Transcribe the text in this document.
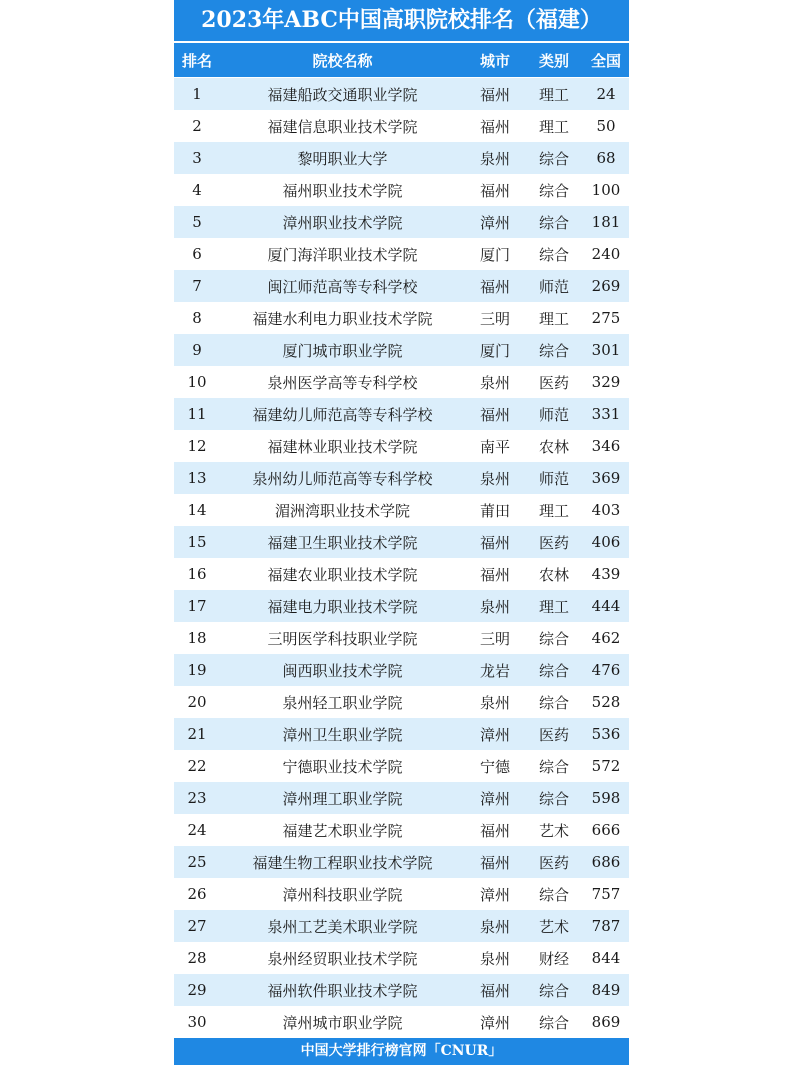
2023年ABC中国高职院校排名（福建）
排名	院校名称	城市	类别	全国
1	福建船政交通职业学院	福州	理工	24
2	福建信息职业技术学院	福州	理工	50
3	黎明职业大学	泉州	综合	68
4	福州职业技术学院	福州	综合	100
5	漳州职业技术学院	漳州	综合	181
6	厦门海洋职业技术学院	厦门	综合	240
7	闽江师范高等专科学校	福州	师范	269
8	福建水利电力职业技术学院	三明	理工	275
9	厦门城市职业学院	厦门	综合	301
10	泉州医学高等专科学校	泉州	医药	329
11	福建幼儿师范高等专科学校	福州	师范	331
12	福建林业职业技术学院	南平	农林	346
13	泉州幼儿师范高等专科学校	泉州	师范	369
14	湄洲湾职业技术学院	莆田	理工	403
15	福建卫生职业技术学院	福州	医药	406
16	福建农业职业技术学院	福州	农林	439
17	福建电力职业技术学院	泉州	理工	444
18	三明医学科技职业学院	三明	综合	462
19	闽西职业技术学院	龙岩	综合	476
20	泉州轻工职业学院	泉州	综合	528
21	漳州卫生职业学院	漳州	医药	536
22	宁德职业技术学院	宁德	综合	572
23	漳州理工职业学院	漳州	综合	598
24	福建艺术职业学院	福州	艺术	666
25	福建生物工程职业技术学院	福州	医药	686
26	漳州科技职业学院	漳州	综合	757
27	泉州工艺美术职业学院	泉州	艺术	787
28	泉州经贸职业技术学院	泉州	财经	844
29	福州软件职业技术学院	福州	综合	849
30	漳州城市职业学院	漳州	综合	869
中国大学排行榜官网「CNUR」
